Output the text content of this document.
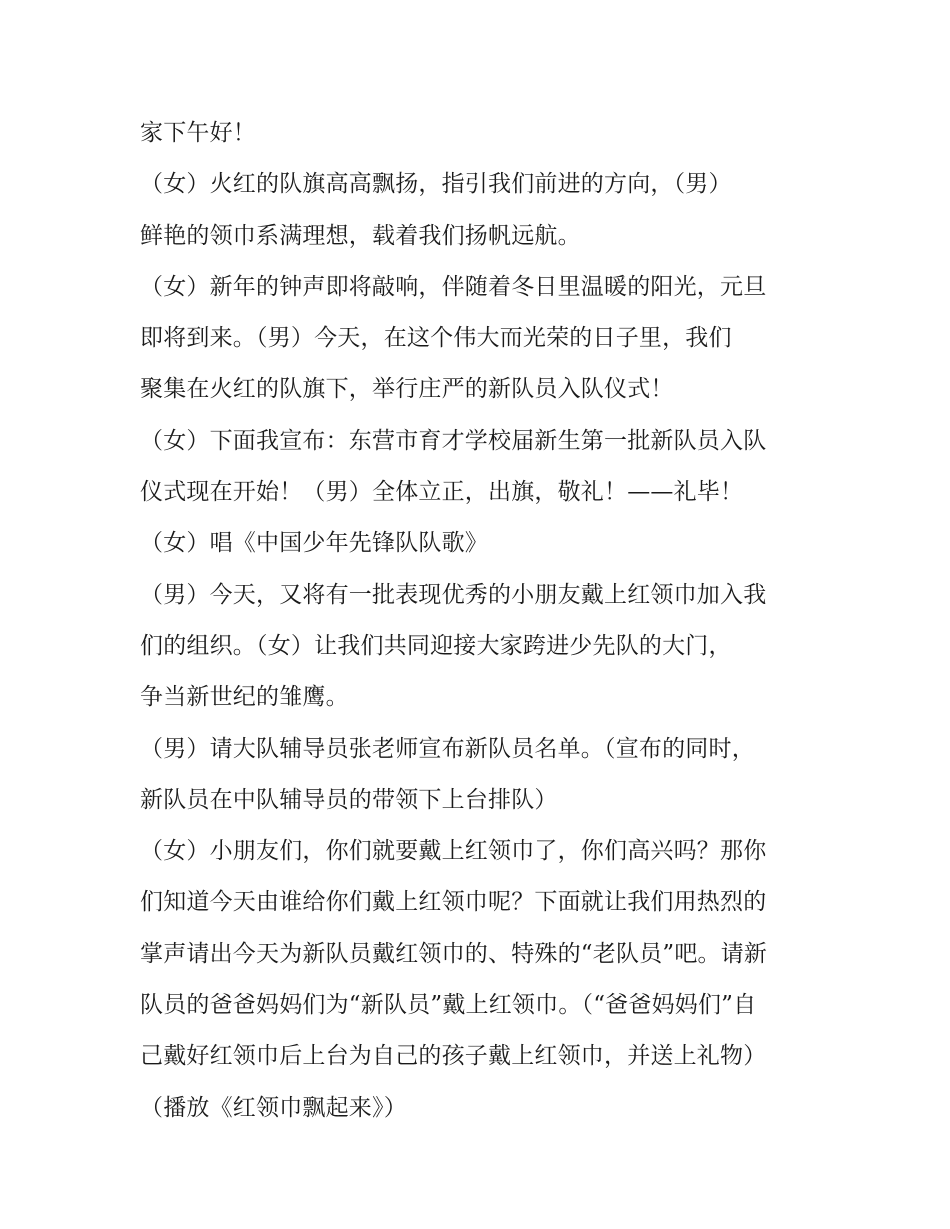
家下午好！
（女）火红的队旗高高飘扬，指引我们前进的方向，（男）
鲜艳的领巾系满理想，载着我们扬帆远航。
（女）新年的钟声即将敲响，伴随着冬日里温暖的阳光，元旦
即将到来。（男）今天，在这个伟大而光荣的日子里，我们
聚集在火红的队旗下，举行庄严的新队员入队仪式！
（女）下面我宣布：东营市育才学校届新生第一批新队员入队
仪式现在开始！（男）全体立正，出旗，敬礼！——礼毕！
（女）唱《中国少年先锋队队歌》
（男）今天，又将有一批表现优秀的小朋友戴上红领巾加入我
们的组织。（女）让我们共同迎接大家跨进少先队的大门，
争当新世纪的雏鹰。
（男）请大队辅导员张老师宣布新队员名单。（宣布的同时，
新队员在中队辅导员的带领下上台排队）
（女）小朋友们，你们就要戴上红领巾了，你们高兴吗？那你
们知道今天由谁给你们戴上红领巾呢？下面就让我们用热烈的
掌声请出今天为新队员戴红领巾的、特殊的“老队员”吧。请新
队员的爸爸妈妈们为“新队员”戴上红领巾。（“爸爸妈妈们”自
己戴好红领巾后上台为自己的孩子戴上红领巾，并送上礼物）
（播放《红领巾飘起来》）
